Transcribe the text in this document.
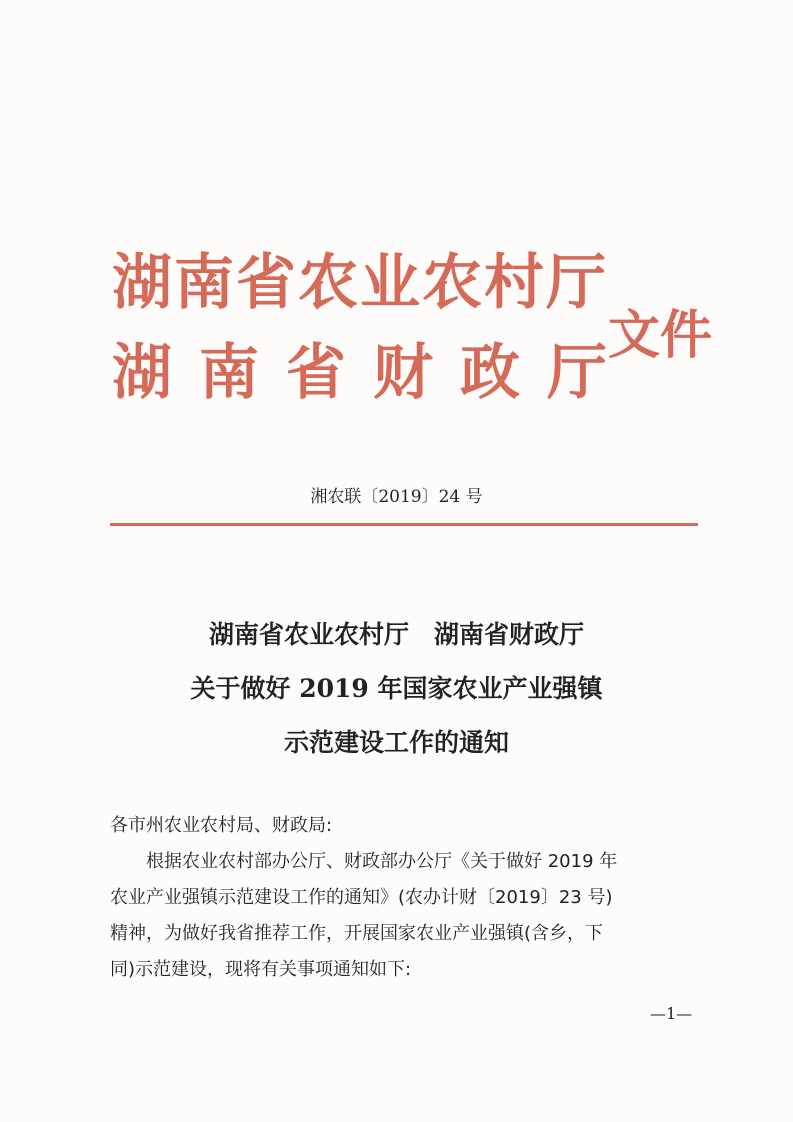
湖南省农业农村厅
湖南省财政厅
文件
湘农联〔2019〕24 号
湖南省农业农村厅　湖南省财政厅
关于做好 2019 年国家农业产业强镇
示范建设工作的通知
各市州农业农村局、财政局:
根据农业农村部办公厅、财政部办公厅《关于做好 2019 年
农业产业强镇示范建设工作的通知》(农办计财〔2019〕23 号)
精神，为做好我省推荐工作，开展国家农业产业强镇(含乡，下
同)示范建设，现将有关事项通知如下:
—1—
